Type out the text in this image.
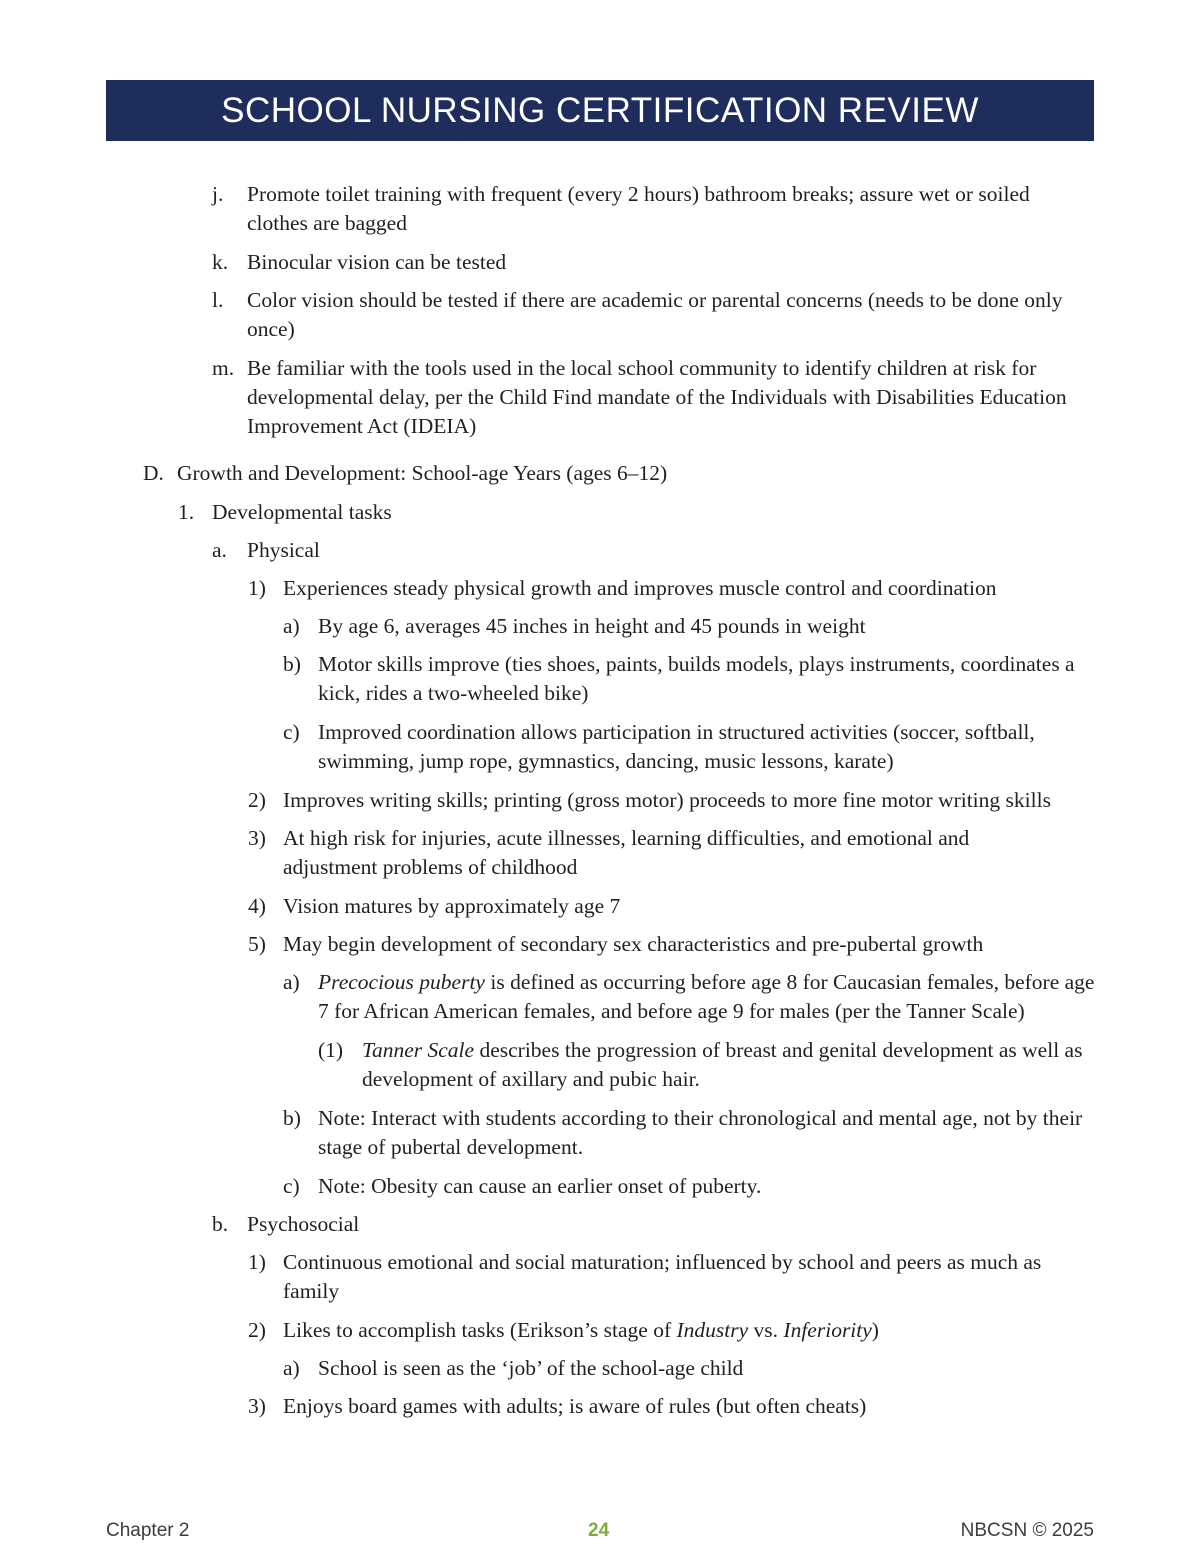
SCHOOL NURSING CERTIFICATION REVIEW
j. Promote toilet training with frequent (every 2 hours) bathroom breaks; assure wet or soiled clothes are bagged
k. Binocular vision can be tested
l. Color vision should be tested if there are academic or parental concerns (needs to be done only once)
m. Be familiar with the tools used in the local school community to identify children at risk for developmental delay, per the Child Find mandate of the Individuals with Disabilities Education Improvement Act (IDEIA)
D. Growth and Development: School-age Years (ages 6–12)
1. Developmental tasks
a. Physical
1) Experiences steady physical growth and improves muscle control and coordination
a) By age 6, averages 45 inches in height and 45 pounds in weight
b) Motor skills improve (ties shoes, paints, builds models, plays instruments, coordinates a kick, rides a two-wheeled bike)
c) Improved coordination allows participation in structured activities (soccer, softball, swimming, jump rope, gymnastics, dancing, music lessons, karate)
2) Improves writing skills; printing (gross motor) proceeds to more fine motor writing skills
3) At high risk for injuries, acute illnesses, learning difficulties, and emotional and adjustment problems of childhood
4) Vision matures by approximately age 7
5) May begin development of secondary sex characteristics and pre-pubertal growth
a) Precocious puberty is defined as occurring before age 8 for Caucasian females, before age 7 for African American females, and before age 9 for males (per the Tanner Scale)
(1) Tanner Scale describes the progression of breast and genital development as well as development of axillary and pubic hair.
b) Note: Interact with students according to their chronological and mental age, not by their stage of pubertal development.
c) Note: Obesity can cause an earlier onset of puberty.
b. Psychosocial
1) Continuous emotional and social maturation; influenced by school and peers as much as family
2) Likes to accomplish tasks (Erikson’s stage of Industry vs. Inferiority)
a) School is seen as the ‘job’ of the school-age child
3) Enjoys board games with adults; is aware of rules (but often cheats)
Chapter 2	24	NBCSN © 2025
